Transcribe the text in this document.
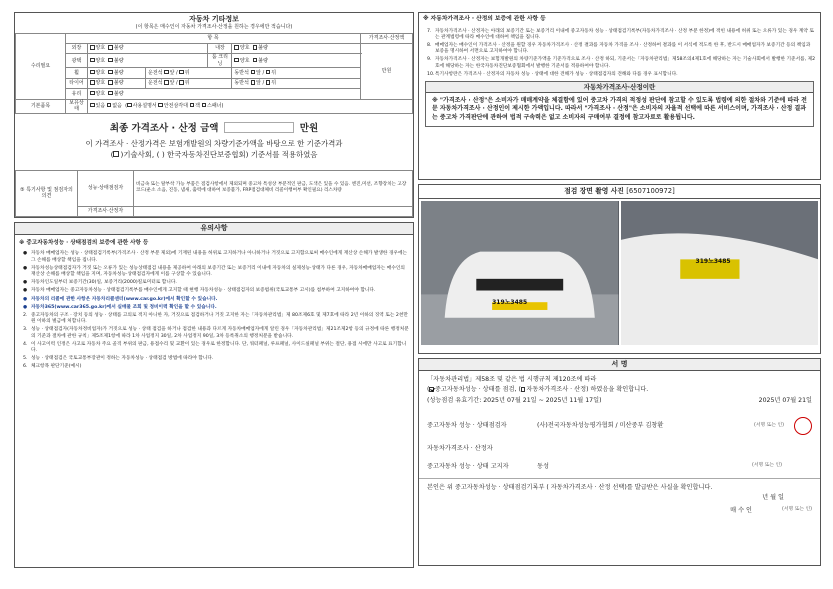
자동차 기타정보
(이 항목은 매수인이 자동차 가격조사·산정을 원하는 경우에만 적습니다)
수리필요	항 목					가격조사·산정액
	외장	양호 불량		내장	양호 불량	만원
	광택	양호 불량		룸 크리닝	양호 불량	
	휠	양호 불량	운전석 앞 / 뒤		동반석 앞 / 뒤	
	타이어	양호 불량	운전석 앞 / 뒤		동반석 앞 / 뒤	
	유리	양호 불량				
기본품목	보유상태	있음 없음  ( 사용설명서 안전삼각대 잭 스패너)				
최종 가격조사 · 산정 금액	만원
이 가격조사 · 산정가격은 보험개발원의 차량기준가액을 바탕으로 한 기준가격과
( )기술사회, ( ) 한국자동차진단보증협회) 기준서를 적용하였음
⑤ 특기사항 및 점검자의 의견	성능·상태점검자	비금속 또는 탈부착 가능 부품은 점검사항에서 제외되며 중고차 특성상 부분적인 판금, 도색은 있을 수 있음. 엔진,미션, 조향장치는 고장코드(운소 소음, 진동, 냄새, 출력에 대하여 보증불가, FRP점검대체비 리콜이행여부 확인필요) 리스차량
	가격조사·산정자	
유의사항
※ 중고자동차성능 · 상태점검의 보증에 관한 사항 등
● 자동차 매매업자는 성능 · 상태점검기록부(가격조사 · 산정 부분 제외)에 기재된 내용을 허위로 고지하거나 아니하거나 거짓으로 고지함으로써 매수인에게 재산상 손해가 발생한 경우에는 그 손해를 배상할 책임을 집니다.
● 자동차성능상태점검자가 거짓 또는 오류가 있는 성능상태점검 내용을 제공하여 아래의 보증기간 또는 보증거리 이내에 자동차의 실제성능·상태가 다른 경우, 자동차매매업자는 매수인의 재산상 손해를 배상할 책임을 지며, 자동차성능·상태점검자에게 이를 구상할 수 있습니다.
● 자동차인도일부터 보증기간(30)일, 보증거리(2000)킬로미터로 합니다.
● 자동차 매매업자는 중고자동차성능 · 상태점검기록부를 매수인에게 고지할 때 현행 자동차성능 · 상태점검자의 보증범위(국토교통부 고시)를 첨부하여 고지하여야 합니다.
● 자동차의 리콜에 관한 사항은 자동차리콜센터(www.car.go.kr)에서 확인할 수 있습니다.
● 자동차365(www.car365.go.kr)에서 실매물 조회 및 정비이력 확인을 할 수 있습니다.
2. 중고자동차의 구조 · 장치 등의 성능 · 상태를 고의로 적지 아니한 자, 거짓으로 점검하거나 거짓 고지한 자는「자동차관리법」제 80조제6호 및 제7호에 따라 2년 이하의 징역 또는 2천만원 이하의 벌금에 처합니다.
3. 성능 · 상태점검자(자동차정비업자)가 거짓으로 성능 · 상태 점검을 하거나 점검한 내용과 다르게 자동차매매업자에게 알린 경우「자동차관리법」제21조제2항 등의 규정에 따른 행정처분의 기준과 절차에 관한 규칙」제5조제1항에 따라 1차 사업정지 30일, 2차 사업정지 90일, 3차 등록취소의 행정처분을 받습니다.
4. 이 사고이력 인정은 사고로 자동차 주요 골격 부위의 판금, 용접수리 및 교환이 있는 경우로 한정합니다. 단, 쿼터패널, 루프패널, 사이드실패널 부위는 절단, 용접 시에만 사고로 표기합니다.
5. 성능 · 상태점검은 국토교통부장관이 정하는 자동차성능 · 상태점검 방법에 따라야 합니다.
6. 체크항목 판단기준(예시)
※ 자동차가격조사 · 산정의 보증에 관한 사항 등
7. 자동차가격조사 · 산정자는 아래의 보증기간 또는 보증거리 이내에 중고자동차 성능 · 상태점검기록부(자동차가격조사 · 산정 부분 한정)에 적힌 내용에 허위 또는 오류가 있는 경우 계약 또는 관계법령에 따라 매수인에 대하여 책임을 집니다.
8. 매매업자는 매수인이 가격조사 · 산정을 원할 경우 자동차가격조사 · 산정 결과를 자동차 가격을 조사 · 산정하여 결과를 이 서식에 적도록 한 후, 반드시 매매업자가 보증기간 등의 책임과 보증을 명시하여 서면으로 고지하여야 합니다.
9. 자동차가격조사 · 산정자는 보험개발원의 차량기준가액을 기준가격으로 조사 · 산정 하되, 기준서는「자동차관리법」제58조의4제1호에 해당하는 자는 기술사회에서 발행한 기준서를, 제2호에 해당하는 자는 한국자동차진단보증협회에서 발행한 기준서를 적용하여야 합니다.
10. 특기사항란은 가격조사 · 산정자의 자동차 성능 · 상태에 대한 견해가 성능 · 상태점검자의 견해와 다를 경우 표시합니다.
자동차가격조사·산정이란
※ "가격조사 · 산정"은 소비자가 매매계약을 체결함에 있어 중고차 가격의 적정성 판단에 참고할 수 있도록 법령에 의한 절차와 기준에 따라 전문 자동차가격조사 · 산정인이 제시한 가액입니다. 따라서 "가격조사 · 산정"은 소비자의 자율적 선택에 따른 서비스이며, 가격조사 · 산정 결과는 중고차 가격판단에 관하여 법적 구속력은 없고 소비자의 구매여부 결정에 참고자료로 활용됩니다.
점검 장면 촬영 사진 [6507100972]
319노3485
319노3485
서 명
「자동차관리법」제58조 및 같은 법 시행규칙 제120조에 따라
( 중고자동차성능 · 상태를 점검, ( 자동차가격조사 · 산정) 하였음을 확인합니다.
(성능점검 유효기간: 2025년 07월 21일 ~ 2025년 11월 17일)	2025년 07월 21일
중고자동차 성능 · 상태점검자	(사)전국자동차성능평가협회 / 미산중부 김창환	(서명 또는 인)
자동차가격조사 · 산정자
중고자동차 성능 · 상태 고지자	동성	(서명 또는 인)
본인은 위 중고자동차성능 · 상태점검기록부 ( 자동차가격조사 · 산정 선택)를 발급받은 사실을 확인합니다.
년 월 일
매 수 인	(서명 또는 인)
